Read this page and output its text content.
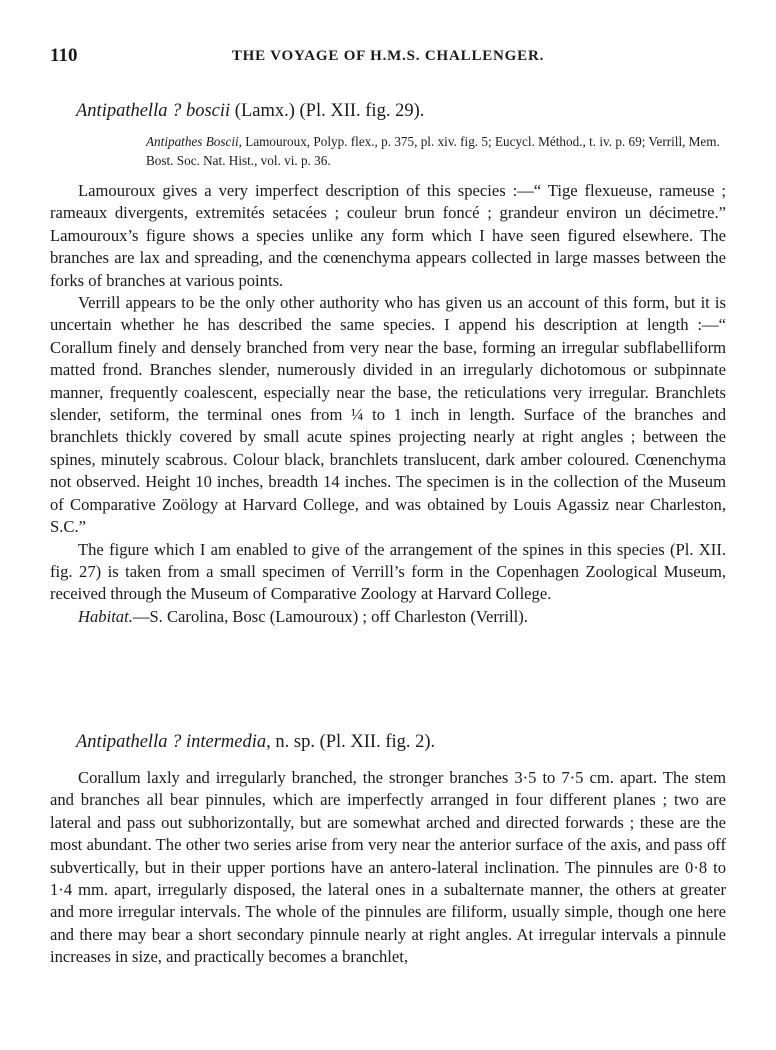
110	THE VOYAGE OF H.M.S. CHALLENGER.
Antipathella ? boscii (Lamx.) (Pl. XII. fig. 29).
Antipathes Boscii, Lamouroux, Polyp. flex., p. 375, pl. xiv. fig. 5; Eucycl. Méthod., t. iv. p. 69; Verrill, Mem. Bost. Soc. Nat. Hist., vol. vi. p. 36.

Lamouroux gives a very imperfect description of this species :—“ Tige flexueuse, rameuse ; rameaux divergents, extremités setacées ; couleur brun foncé ; grandeur environ un décimetre.” Lamouroux’s figure shows a species unlike any form which I have seen figured elsewhere. The branches are lax and spreading, and the cœnenchyma appears collected in large masses between the forks of branches at various points.

Verrill appears to be the only other authority who has given us an account of this form, but it is uncertain whether he has described the same species. I append his description at length :—“ Corallum finely and densely branched from very near the base, forming an irregular subflabelliform matted frond. Branches slender, numerously divided in an irregularly dichotomous or subpinnate manner, frequently coalescent, especially near the base, the reticulations very irregular. Branchlets slender, setiform, the terminal ones from ¼ to 1 inch in length. Surface of the branches and branchlets thickly covered by small acute spines projecting nearly at right angles ; between the spines, minutely scabrous. Colour black, branchlets translucent, dark amber coloured. Cœnenchyma not observed. Height 10 inches, breadth 14 inches. The specimen is in the collection of the Museum of Comparative Zoölogy at Harvard College, and was obtained by Louis Agassiz near Charleston, S.C.”

The figure which I am enabled to give of the arrangement of the spines in this species (Pl. XII. fig. 27) is taken from a small specimen of Verrill’s form in the Copenhagen Zoological Museum, received through the Museum of Comparative Zoology at Harvard College.

Habitat.—S. Carolina, Bosc (Lamouroux) ; off Charleston (Verrill).

Antipathella ? intermedia, n. sp. (Pl. XII. fig. 2).

Corallum laxly and irregularly branched, the stronger branches 3·5 to 7·5 cm. apart. The stem and branches all bear pinnules, which are imperfectly arranged in four different planes ; two are lateral and pass out subhorizontally, but are somewhat arched and directed forwards ; these are the most abundant. The other two series arise from very near the anterior surface of the axis, and pass off subvertically, but in their upper portions have an antero-lateral inclination. The pinnules are 0·8 to 1·4 mm. apart, irregularly disposed, the lateral ones in a subalternate manner, the others at greater and more irregular intervals. The whole of the pinnules are filiform, usually simple, though one here and there may bear a short secondary pinnule nearly at right angles. At irregular intervals a pinnule increases in size, and practically becomes a branchlet,
